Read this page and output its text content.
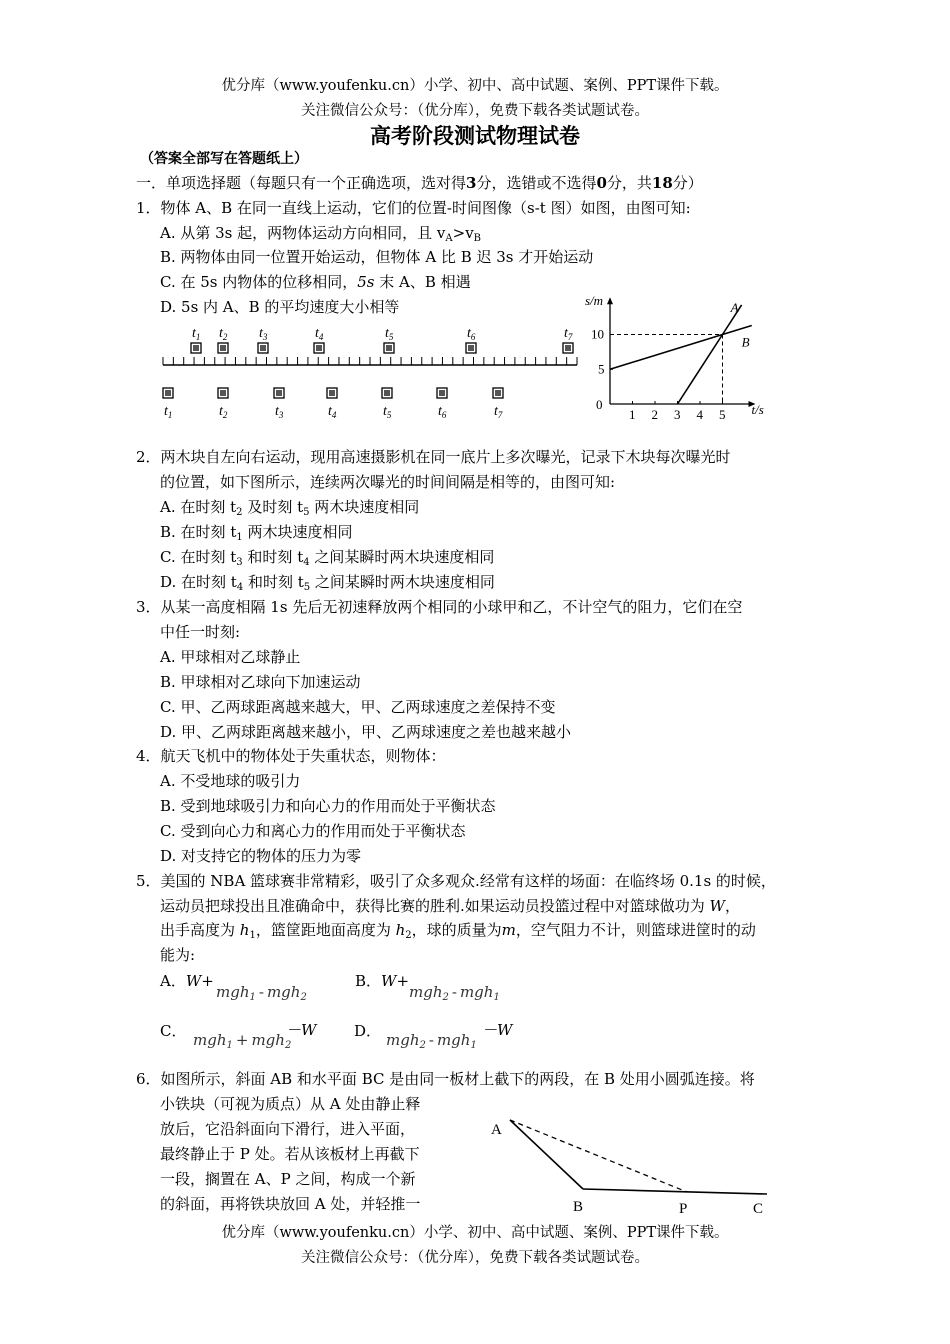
优分库（www.youfenku.cn）小学、初中、高中试题、案例、PPT课件下载。
关注微信公众号：（优分库），免费下载各类试题试卷。
高考阶段测试物理试卷
（答案全部写在答题纸上）
一．单项选择题（每题只有一个正确选项，选对得3分，选错或不选得0分，共18分）
1．物体 A、B 在同一直线上运动，它们的位置-时间图像（s-t 图）如图，由图可知:
A. 从第 3s 起，两物体运动方向相同，且 $v_A>v_B$
B. 两物体由同一位置开始运动，但物体 A 比 B 迟 3s 才开始运动
C. 在 5s 内物体的位移相同，5s 末 A、B 相遇
D. 5s 内 A、B 的平均速度大小相等
$t_1$ $t_2$ $t_3$	$t_4$	$t_5$	$t_6$	$t_7$
$t_1$	$t_2$	$t_3$	$t_4$	$t_5$	$t_6$	$t_7$
s/m
t/s
0
1 2 3 4 5
5
10
A
B
2．两木块自左向右运动，现用高速摄影机在同一底片上多次曝光，记录下木块每次曝光时
的位置，如下图所示，连续两次曝光的时间间隔是相等的，由图可知:
A. 在时刻 $t_2$ 及时刻 $t_5$ 两木块速度相同
B. 在时刻 $t_1$ 两木块速度相同
C. 在时刻 $t_3$ 和时刻 $t_4$ 之间某瞬时两木块速度相同
D. 在时刻 $t_4$ 和时刻 $t_5$ 之间某瞬时两木块速度相同
3．从某一高度相隔 1s 先后无初速释放两个相同的小球甲和乙，不计空气的阻力，它们在空
中任一时刻:
A. 甲球相对乙球静止
B. 甲球相对乙球向下加速运动
C. 甲、乙两球距离越来越大，甲、乙两球速度之差保持不变
D. 甲、乙两球距离越来越小，甲、乙两球速度之差也越来越小
4．航天飞机中的物体处于失重状态，则物体：
A. 不受地球的吸引力
B. 受到地球吸引力和向心力的作用而处于平衡状态
C. 受到向心力和离心力的作用而处于平衡状态
D. 对支持它的物体的压力为零
5．美国的 NBA 篮球赛非常精彩，吸引了众多观众.经常有这样的场面：在临终场 0.1s 的时候，
运动员把球投出且准确命中，获得比赛的胜利.如果运动员投篮过程中对篮球做功为 W，
出手高度为 $h_1$，篮筐距地面高度为 $h_2$，球的质量为m，空气阻力不计，则篮球进筐时的动
能为:
A．W+
mgh$_1$  -  mgh$_2$
B．W+
mgh$_2$  -  mgh$_1$
C． mgh$_1$  +  mgh$_2$
－W	D． mgh$_2$  -  mgh$_1$
－W
6．如图所示，斜面 AB 和水平面 BC 是由同一板材上截下的两段，在 B 处用小圆弧连接。将
小铁块（可视为质点）从 A 处由静止释
放后，它沿斜面向下滑行，进入平面，
最终静止于 P 处。若从该板材上再截下
一段，搁置在 A、P 之间，构成一个新
的斜面，再将铁块放回 A 处，并轻推一
A
B	P	C
优分库（www.youfenku.cn）小学、初中、高中试题、案例、PPT课件下载。
关注微信公众号：（优分库），免费下载各类试题试卷。
